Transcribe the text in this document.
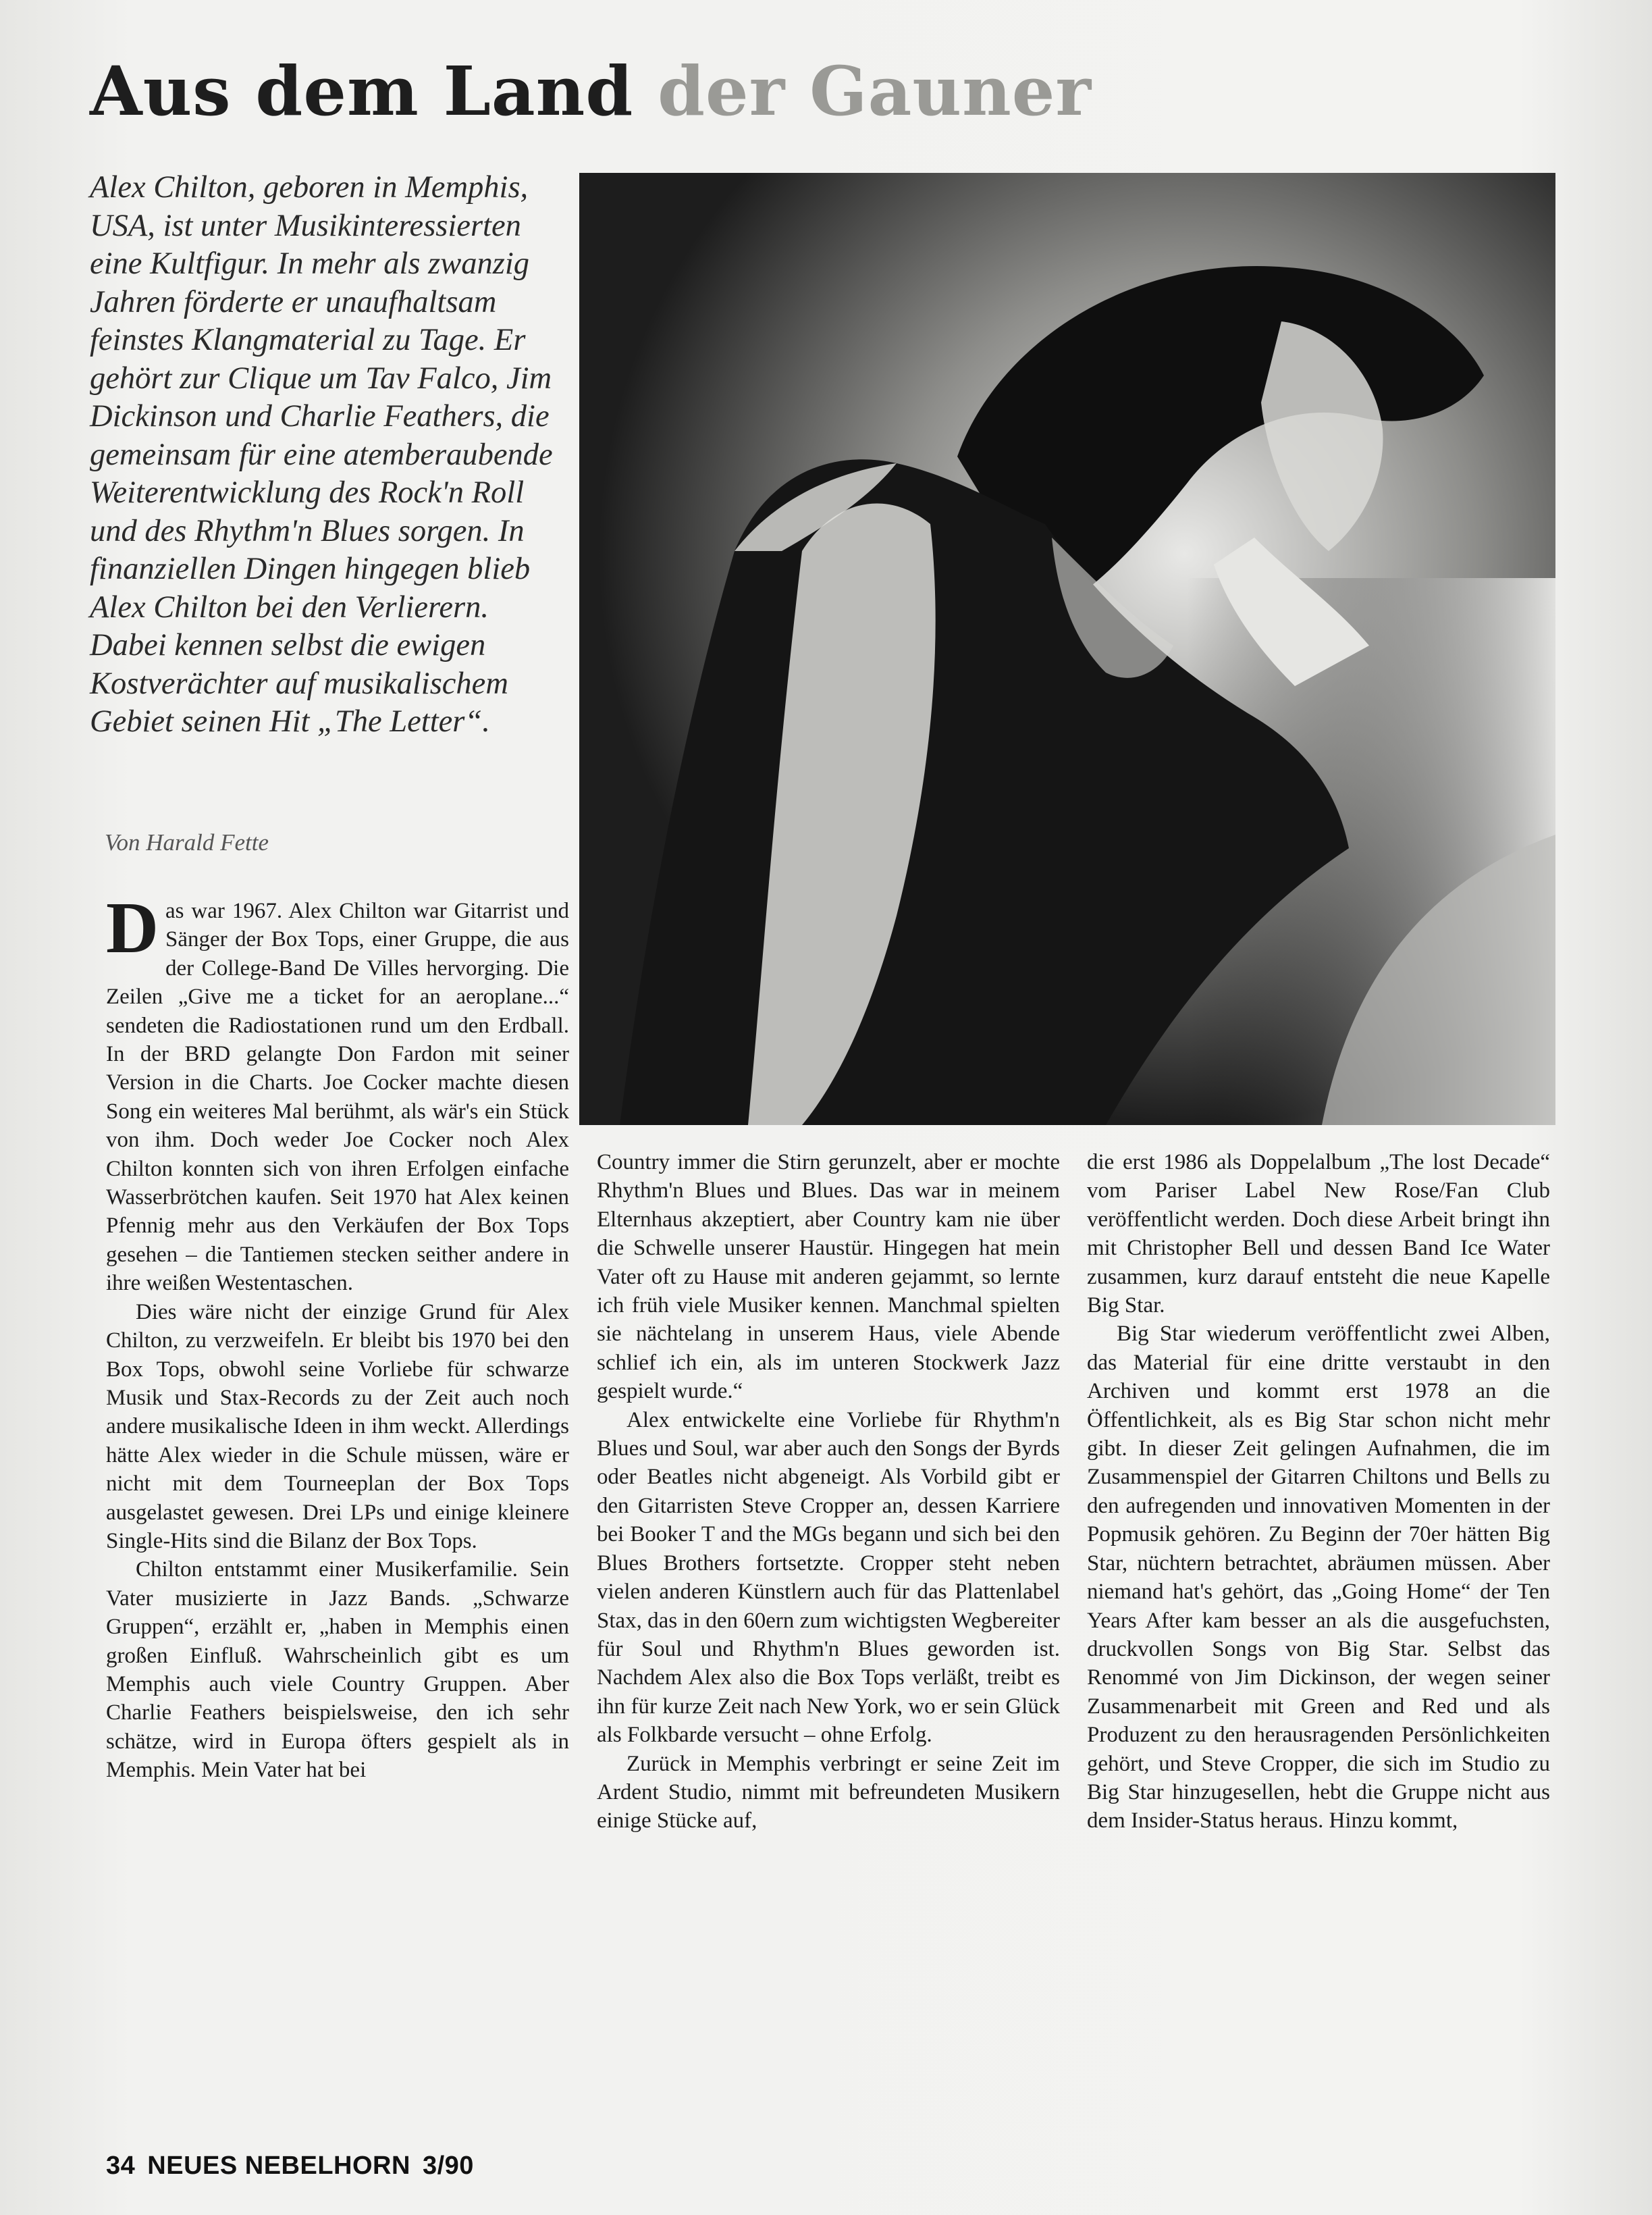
Aus dem Land der Gauner

Alex Chilton, geboren in Memphis, USA, ist unter Musikinteressierten eine Kultfigur. In mehr als zwanzig Jahren förderte er unaufhaltsam feinstes Klangmaterial zu Tage. Er gehört zur Clique um Tav Falco, Jim Dickinson und Charlie Feathers, die gemeinsam für eine atemberaubende Weiterentwicklung des Rock'n Roll und des Rhythm'n Blues sorgen. In finanziellen Dingen hingegen blieb Alex Chilton bei den Verlierern. Dabei kennen selbst die ewigen Kostverächter auf musikalischem Gebiet seinen Hit „The Letter“.

Von Harald Fette

Das war 1967. Alex Chilton war Gitarrist und Sänger der Box Tops, einer Gruppe, die aus der College-Band De Villes hervorging. Die Zeilen „Give me a ticket for an aeroplane...“ sendeten die Radiostationen rund um den Erdball. In der BRD gelangte Don Fardon mit seiner Version in die Charts. Joe Cocker machte diesen Song ein weiteres Mal berühmt, als wär's ein Stück von ihm. Doch weder Joe Cocker noch Alex Chilton konnten sich von ihren Erfolgen einfache Wasserbrötchen kaufen. Seit 1970 hat Alex keinen Pfennig mehr aus den Verkäufen der Box Tops gesehen – die Tantiemen stecken seither andere in ihre weißen Westentaschen.

Dies wäre nicht der einzige Grund für Alex Chilton, zu verzweifeln. Er bleibt bis 1970 bei den Box Tops, obwohl seine Vorliebe für schwarze Musik und Stax-Records zu der Zeit auch noch andere musikalische Ideen in ihm weckt. Allerdings hätte Alex wieder in die Schule müssen, wäre er nicht mit dem Tourneeplan der Box Tops ausgelastet gewesen. Drei LPs und einige kleinere Single-Hits sind die Bilanz der Box Tops.

Chilton entstammt einer Musikerfamilie. Sein Vater musizierte in Jazz Bands. „Schwarze Gruppen“, erzählt er, „haben in Memphis einen großen Einfluß. Wahrscheinlich gibt es um Memphis auch viele Country Gruppen. Aber Charlie Feathers beispielsweise, den ich sehr schätze, wird in Europa öfters gespielt als in Memphis. Mein Vater hat bei

Country immer die Stirn gerunzelt, aber er mochte Rhythm'n Blues und Blues. Das war in meinem Elternhaus akzeptiert, aber Country kam nie über die Schwelle unserer Haustür. Hingegen hat mein Vater oft zu Hause mit anderen gejammt, so lernte ich früh viele Musiker kennen. Manchmal spielten sie nächtelang in unserem Haus, viele Abende schlief ich ein, als im unteren Stockwerk Jazz gespielt wurde.“

Alex entwickelte eine Vorliebe für Rhythm'n Blues und Soul, war aber auch den Songs der Byrds oder Beatles nicht abgeneigt. Als Vorbild gibt er den Gitarristen Steve Cropper an, dessen Karriere bei Booker T and the MGs begann und sich bei den Blues Brothers fortsetzte. Cropper steht neben vielen anderen Künstlern auch für das Plattenlabel Stax, das in den 60ern zum wichtigsten Wegbereiter für Soul und Rhythm'n Blues geworden ist. Nachdem Alex also die Box Tops verläßt, treibt es ihn für kurze Zeit nach New York, wo er sein Glück als Folkbarde versucht – ohne Erfolg.

Zurück in Memphis verbringt er seine Zeit im Ardent Studio, nimmt mit befreundeten Musikern einige Stücke auf,

die erst 1986 als Doppelalbum „The lost Decade“ vom Pariser Label New Rose/Fan Club veröffentlicht werden. Doch diese Arbeit bringt ihn mit Christopher Bell und dessen Band Ice Water zusammen, kurz darauf entsteht die neue Kapelle Big Star.

Big Star wiederum veröffentlicht zwei Alben, das Material für eine dritte verstaubt in den Archiven und kommt erst 1978 an die Öffentlichkeit, als es Big Star schon nicht mehr gibt. In dieser Zeit gelingen Aufnahmen, die im Zusammenspiel der Gitarren Chiltons und Bells zu den aufregenden und innovativen Momenten in der Popmusik gehören. Zu Beginn der 70er hätten Big Star, nüchtern betrachtet, abräumen müssen. Aber niemand hat's gehört, das „Going Home“ der Ten Years After kam besser an als die ausgefuchsten, druckvollen Songs von Big Star. Selbst das Renommé von Jim Dickinson, der wegen seiner Zusammenarbeit mit Green and Red und als Produzent zu den herausragenden Persönlichkeiten gehört, und Steve Cropper, die sich im Studio zu Big Star hinzugesellen, hebt die Gruppe nicht aus dem Insider-Status heraus. Hinzu kommt,

34 NEUES NEBELHORN 3/90
